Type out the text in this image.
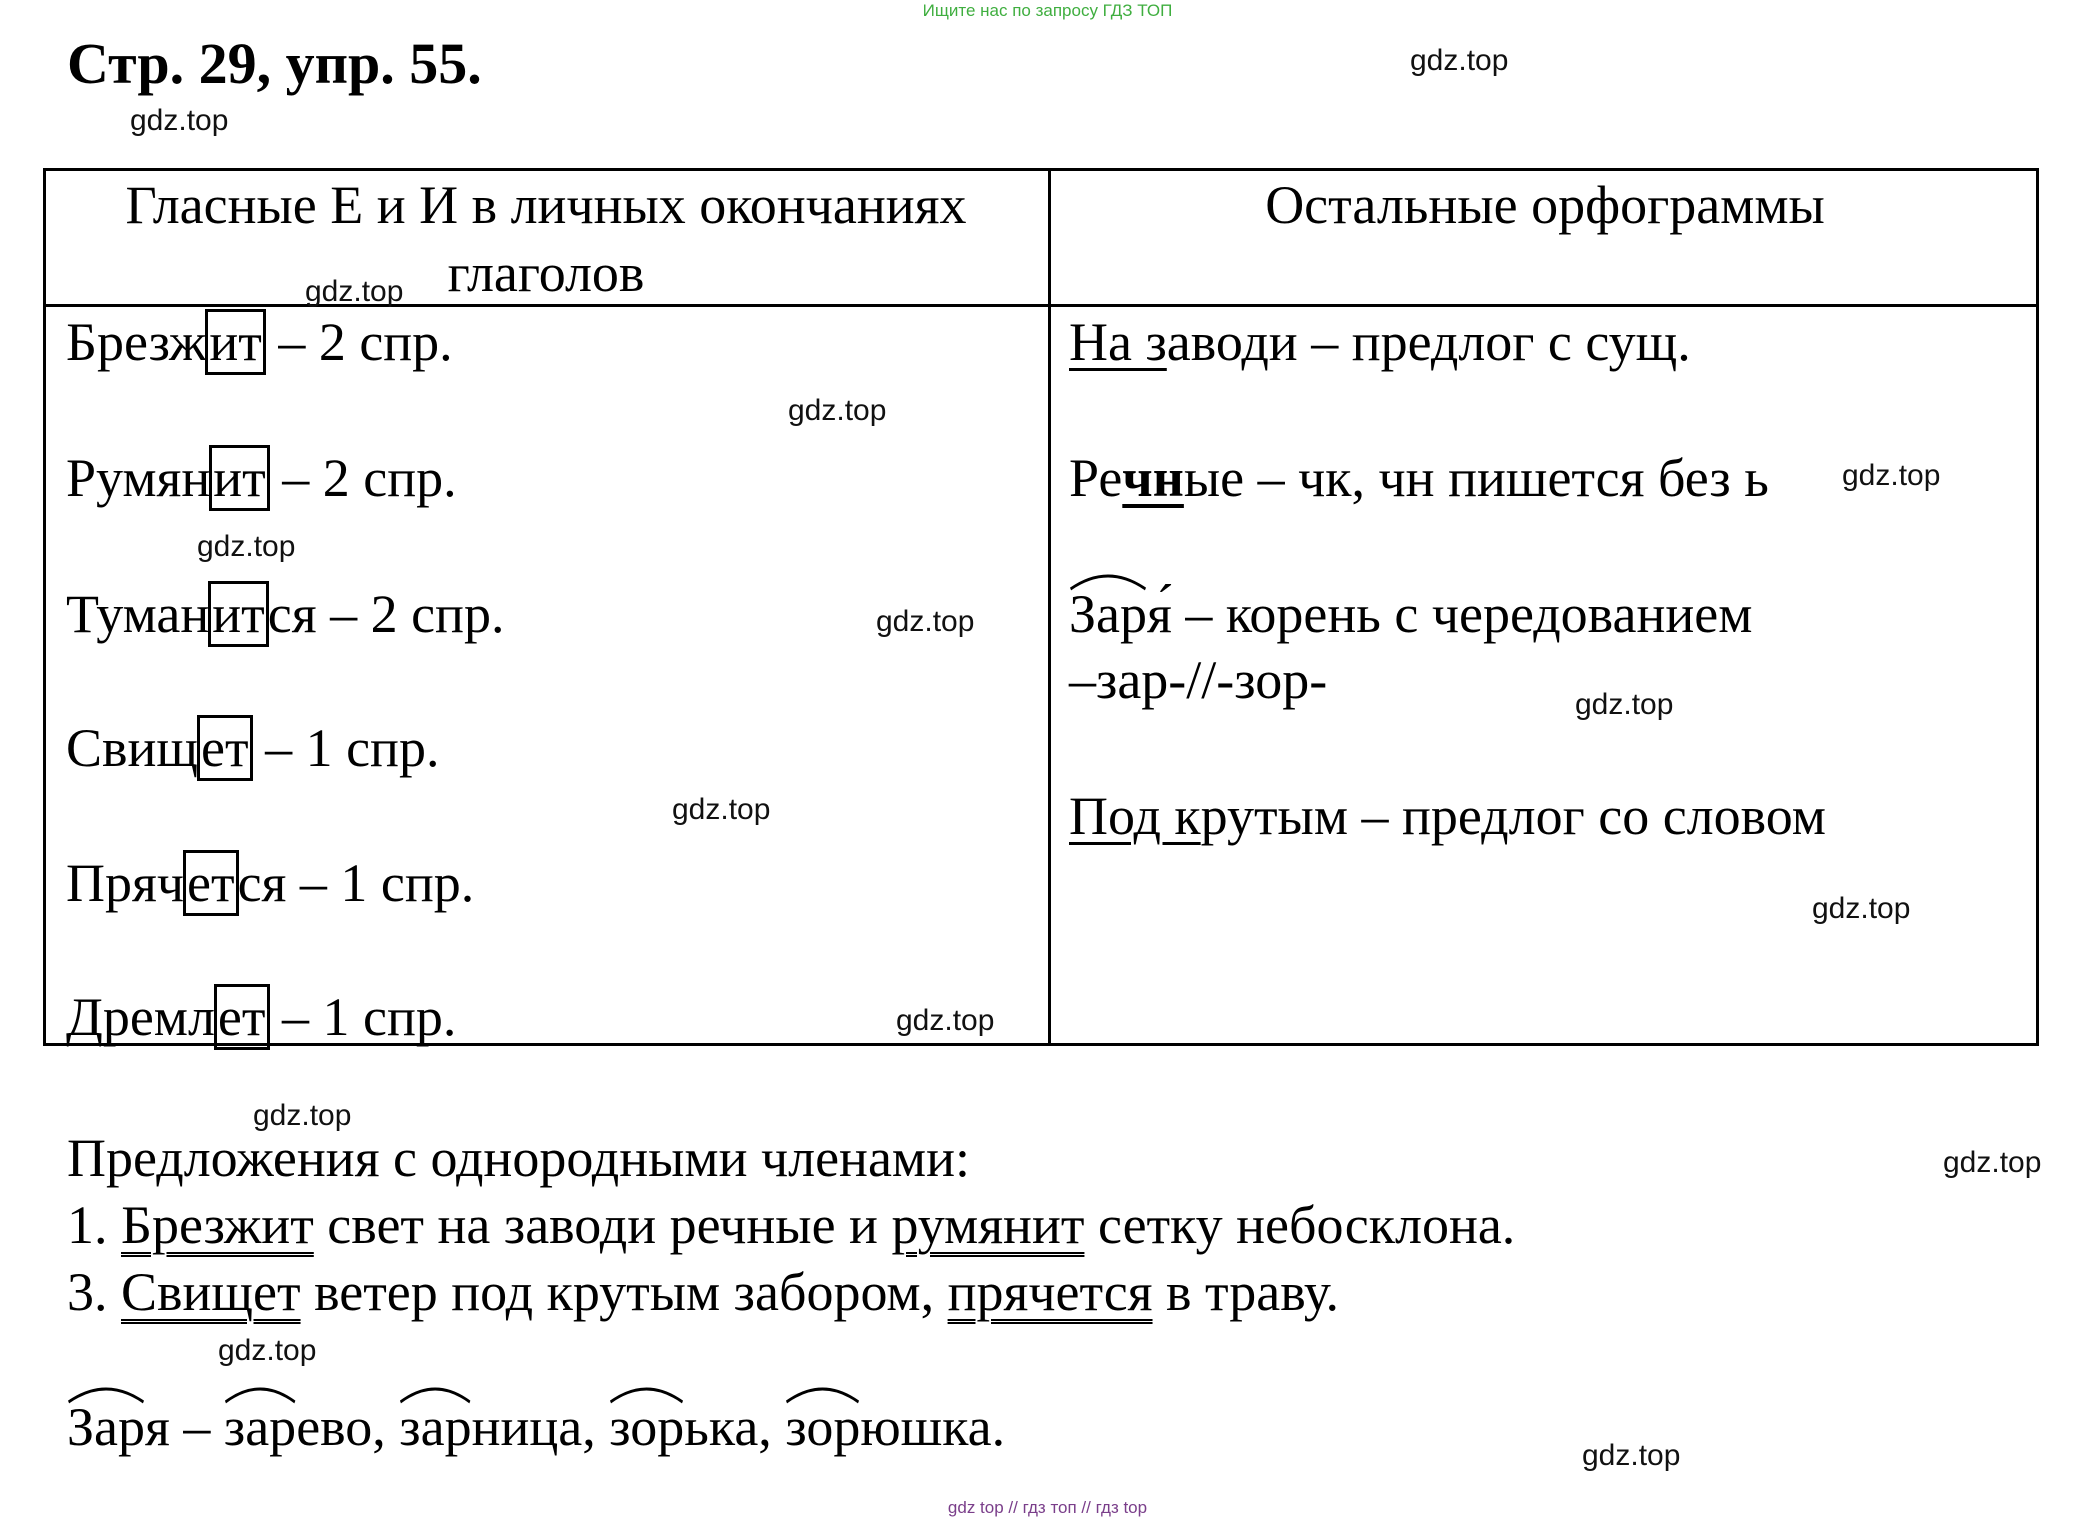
Ищите нас по запросу ГДЗ ТОП
Стр. 29, упр. 55.
Гласные Е и И в личных окончаниях глаголов
Остальные орфограммы
Брезжит – 2 спр.
Румянит – 2 спр.
Туманится – 2 спр.
Свищет – 1 спр.
Прячется – 1 спр.
Дремлет – 1 спр.
На заводи – предлог с сущ.
Речные – чк, чн пишется без ь
Заря ́ – корень с чередованием
–зар-//-зор-
Под крутым – предлог со словом
Предложения с однородными членами:
1. Брезжит свет на заводи речные и румянит сетку небосклона.
3. Свищет ветер под крутым забором, прячется в траву.
Заря –
зарево,
зарница,
зорька,
зорюшка.
gdz.top
gdz.top
gdz.top
gdz.top
gdz.top
gdz.top
gdz.top
gdz.top
gdz.top
gdz.top
gdz.top
gdz.top
gdz.top
gdz.top
gdz.top
gdz top // гдз топ // гдз top
